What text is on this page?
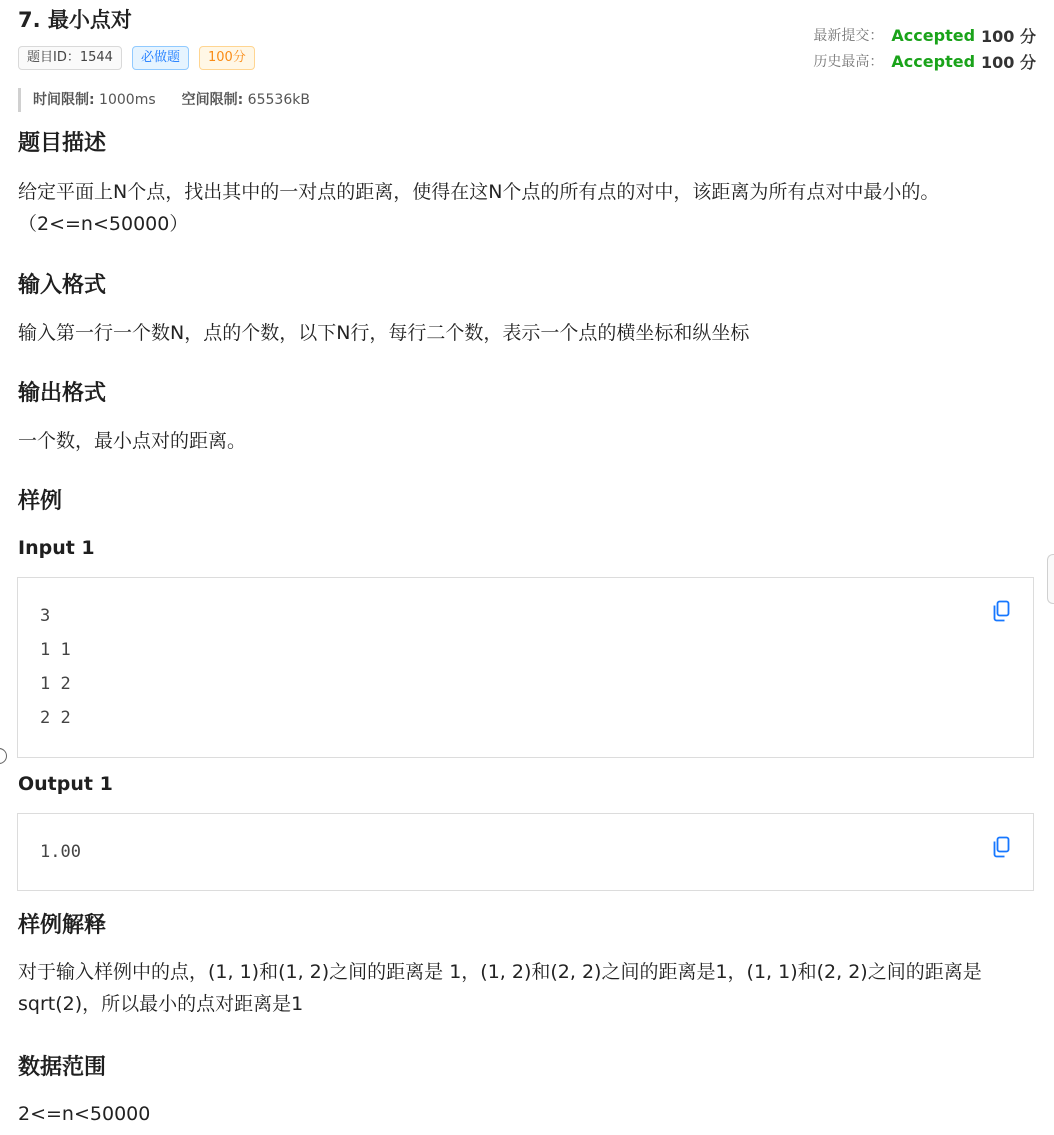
7. 最小点对
题目ID：1544	必做题	100分
最新提交： Accepted 100 分
历史最高： Accepted 100 分
时间限制: 1000ms 空间限制: 65536kB
题目描述
给定平面上N个点，找出其中的一对点的距离，使得在这N个点的所有点的对中，该距离为所有点对中最小的。（2<=n<50000）
输入格式
输入第一行一个数N，点的个数，以下N行，每行二个数，表示一个点的横坐标和纵坐标
输出格式
一个数，最小点对的距离。
样例
Input 1
3
1 1
1 2
2 2
Output 1
1.00
样例解释
对于输入样例中的点，(1, 1)和(1, 2)之间的距离是 1，(1, 2)和(2, 2)之间的距离是1，(1, 1)和(2, 2)之间的距离是sqrt(2)，所以最小的点对距离是1
数据范围
2<=n<50000
